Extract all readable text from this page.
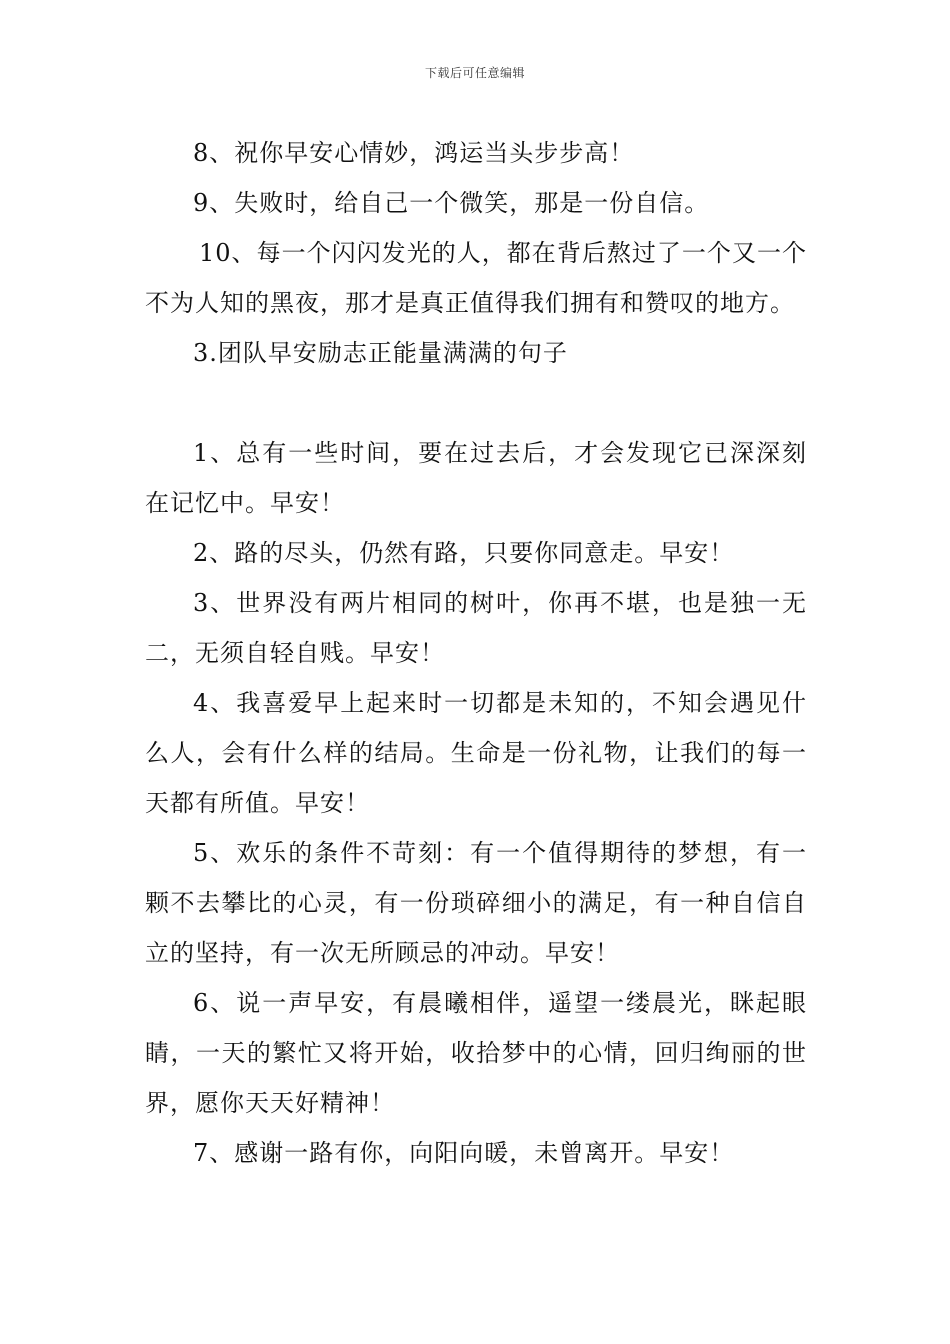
下载后可任意编辑

8、祝你早安心情妙，鸿运当头步步高！

9、失败时，给自己一个微笑，那是一份自信。

10、每一个闪闪发光的人，都在背后熬过了一个又一个不为人知的黑夜，那才是真正值得我们拥有和赞叹的地方。

3.团队早安励志正能量满满的句子

1、总有一些时间，要在过去后，才会发现它已深深刻在记忆中。早安！

2、路的尽头，仍然有路，只要你同意走。早安！

3、世界没有两片相同的树叶，你再不堪，也是独一无二，无须自轻自贱。早安！

4、我喜爱早上起来时一切都是未知的，不知会遇见什么人，会有什么样的结局。生命是一份礼物，让我们的每一天都有所值。早安！

5、欢乐的条件不苛刻：有一个值得期待的梦想，有一颗不去攀比的心灵，有一份琐碎细小的满足，有一种自信自立的坚持，有一次无所顾忌的冲动。早安！

6、说一声早安，有晨曦相伴，遥望一缕晨光，眯起眼睛，一天的繁忙又将开始，收拾梦中的心情，回归绚丽的世界，愿你天天好精神！

7、感谢一路有你，向阳向暖，未曾离开。早安！
